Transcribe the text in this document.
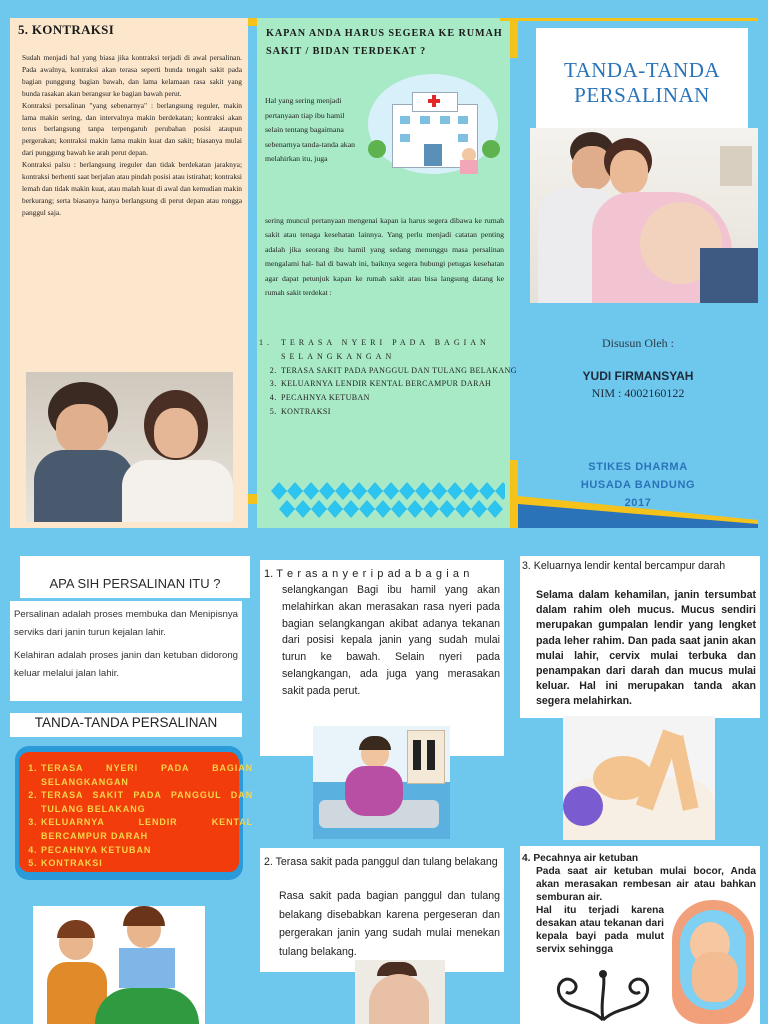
5. KONTRAKSI

Sudah menjadi hal yang biasa jika kontraksi terjadi di awal persalinan. Pada awalnya, kontraksi akan terasa seperti bunda tengah sakit pada bagian punggung bagian bawah, dan lama kelamaan rasa sakit yang bunda rasakan akan berangsur ke bagian bawah perut.

Kontraksi persalinan "yang sebenarnya" : berlangsung reguler, makin lama makin sering, dan intervalnya makin berdekatan; kontraksi akan terus berlangsung tanpa terpengaruh perubahan posisi ataupun pergerakan; kontraksi makin lama makin kuat dan sakit; biasanya mulai dari punggung bawah ke arah perut depan.

Kontraksi palsu : berlangsung ireguler dan tidak berdekatan jaraknya; kontraksi berhenti saat berjalan atau pindah posisi atau istirahat; kontraksi lemah dan tidak makin kuat, atau malah kuat di awal dan kemudian makin berkurang; serta biasanya hanya berlangsung di perut depan atau rongga panggul saja.

KAPAN ANDA HARUS SEGERA KE RUMAH SAKIT / BIDAN TERDEKAT ?
Hal yang sering menjadi pertanyaan tiap ibu hamil selain tentang bagaimana sebenarnya tanda-tanda akan melahirkan itu, juga
sering muncul pertanyaan mengenai kapan ia harus segera dibawa ke rumah sakit atau tenaga kesehatan lainnya. Yang perlu menjadi catatan penting adalah jika seorang ibu hamil yang sedang menunggu masa persalinan mengalami hal- hal di bawah ini, baiknya segera hubungi petugas kesehatan agar dapat petunjuk kapan ke rumah sakit atau bisa langsung datang ke rumah sakit terdekat :
1. TERASA NYERI PADA BAGIAN SELANGKANGAN
2. TERASA SAKIT PADA PANGGUL DAN TULANG BELAKANG
3. KELUARNYA LENDIR KENTAL BERCAMPUR DARAH
4. PECAHNYA KETUBAN
5. KONTRAKSI
TANDA-TANDA
PERSALINAN
Disusun Oleh :
YUDI FIRMANSYAH
NIM : 4002160122
STIKES DHARMA
HUSADA BANDUNG
2017
APA SIH PERSALINAN ITU ?
Persalinan adalah proses membuka dan Menipisnya serviks dari janin turun kejalan lahir.
Kelahiran adalah proses janin dan ketuban didorong keluar melalui jalan lahir.
TANDA-TANDA PERSALINAN
1. TERASA NYERI PADA BAGIAN SELANGKANGAN
2. TERASA SAKIT PADA PANGGUL DAN TULANG BELAKANG
3. KELUARNYA LENDIR KENTAL BERCAMPUR DARAH
4. PECAHNYA KETUBAN
5. KONTRAKSI
1. T e r as a n y e r i p ad a b a g i a n
selangkangan Bagi ibu hamil yang akan melahirkan akan merasakan rasa nyeri pada bagian selangkangan akibat adanya tekanan dari posisi kepala janin yang sudah mulai turun ke bawah. Selain nyeri pada selangkangan, ada juga yang merasakan sakit pada perut.
2. Terasa sakit pada panggul dan tulang belakang
Rasa sakit pada bagian panggul dan tulang belakang disebabkan karena pergeseran dan pergerakan janin yang sudah mulai menekan tulang belakang.
3. Keluarnya lendir kental bercampur darah
Selama dalam kehamilan, janin tersumbat dalam rahim oleh mucus. Mucus sendiri merupakan gumpalan lendir yang lengket pada leher rahim. Dan pada saat janin akan mulai lahir, cervix mulai terbuka dan penampakan dari darah dan mucus mulai keluar. Hal ini merupakan tanda akan segera melahirkan.
4. Pecahnya air ketuban
Pada saat air ketuban mulai bocor, Anda akan merasakan rembesan air atau bahkan semburan air.
Hal itu terjadi karena desakan atau tekanan dari kepala bayi pada mulut servix sehingga
